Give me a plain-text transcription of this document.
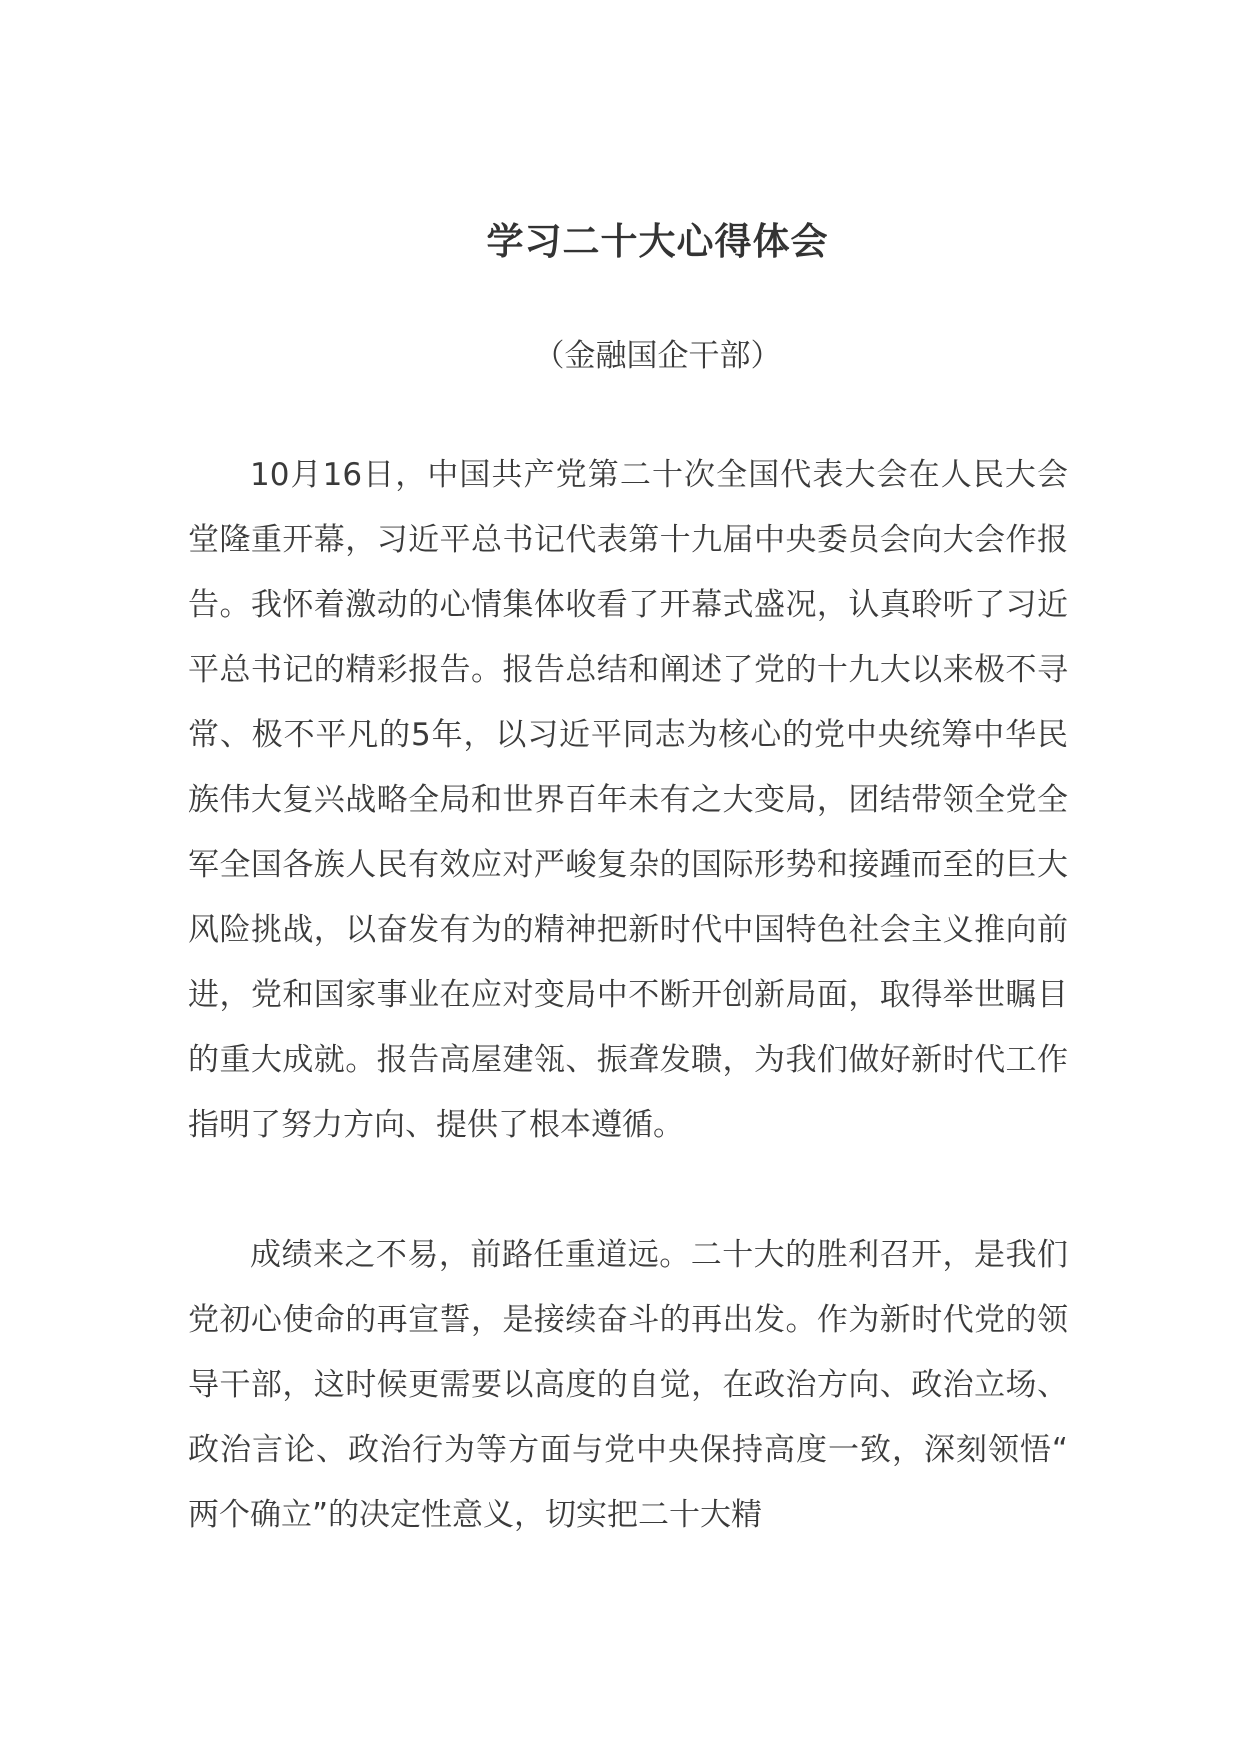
学习二十大心得体会
（金融国企干部）

10月16日，中国共产党第二十次全国代表大会在人民大会堂隆重开幕，习近平总书记代表第十九届中央委员会向大会作报告。我怀着激动的心情集体收看了开幕式盛况，认真聆听了习近平总书记的精彩报告。报告总结和阐述了党的十九大以来极不寻常、极不平凡的5年，以习近平同志为核心的党中央统筹中华民族伟大复兴战略全局和世界百年未有之大变局，团结带领全党全军全国各族人民有效应对严峻复杂的国际形势和接踵而至的巨大风险挑战，以奋发有为的精神把新时代中国特色社会主义推向前进，党和国家事业在应对变局中不断开创新局面，取得举世瞩目的重大成就。报告高屋建瓴、振聋发聩，为我们做好新时代工作指明了努力方向、提供了根本遵循。

成绩来之不易，前路任重道远。二十大的胜利召开，是我们党初心使命的再宣誓，是接续奋斗的再出发。作为新时代党的领导干部，这时候更需要以高度的自觉，在政治方向、政治立场、政治言论、政治行为等方面与党中央保持高度一致，深刻领悟“两个确立”的决定性意义，切实把二十大精
